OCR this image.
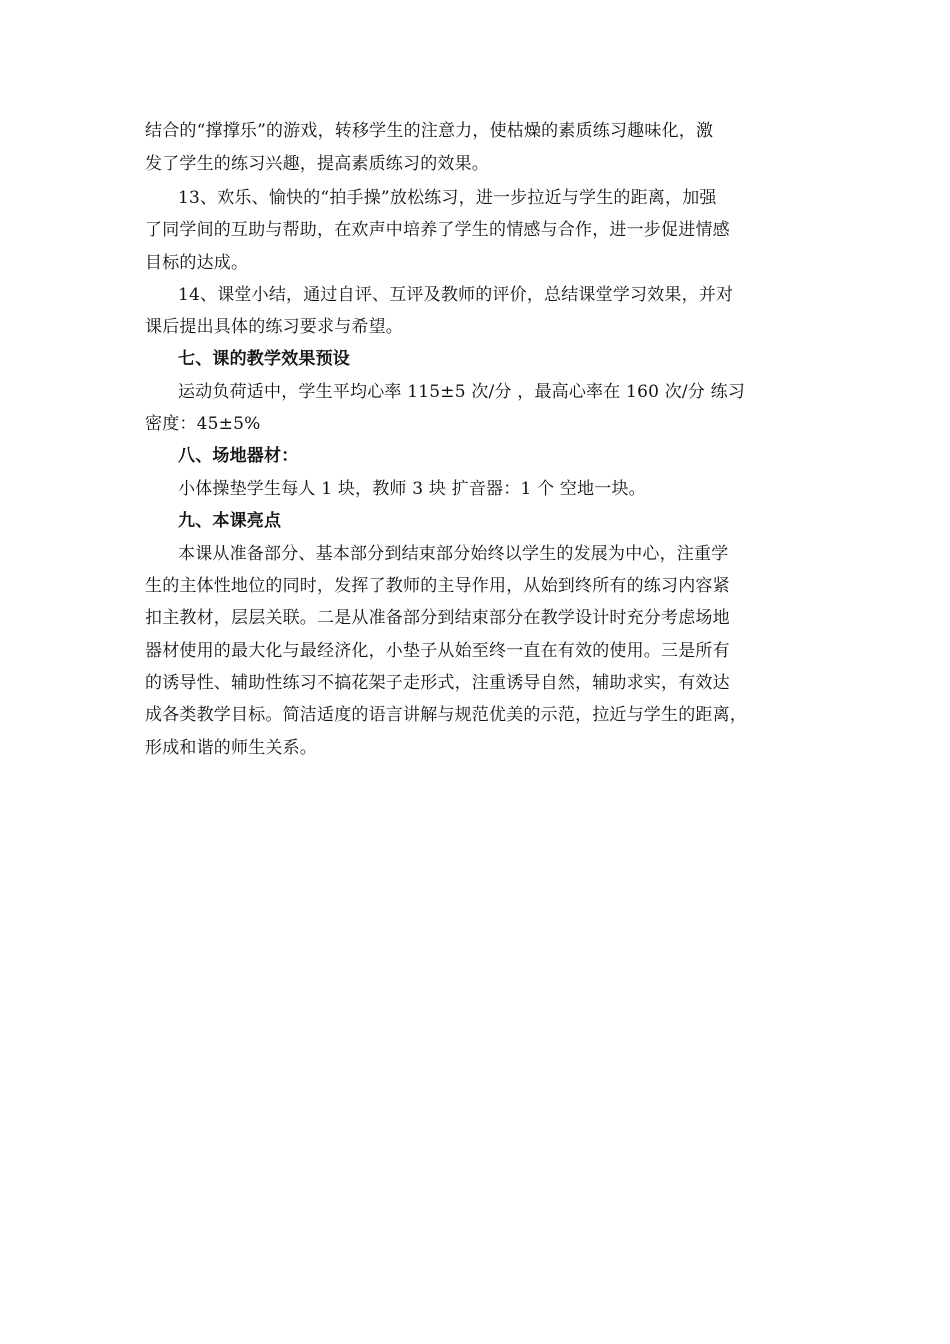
结合的“撑撑乐”的游戏，转移学生的注意力，使枯燥的素质练习趣味化，激
发了学生的练习兴趣，提高素质练习的效果。
13、欢乐、愉快的“拍手操”放松练习，进一步拉近与学生的距离，加强
了同学间的互助与帮助，在欢声中培养了学生的情感与合作，进一步促进情感
目标的达成。
14、课堂小结，通过自评、互评及教师的评价，总结课堂学习效果，并对
课后提出具体的练习要求与希望。
七、课的教学效果预设
运动负荷适中，学生平均心率 115±5 次/分 ，最高心率在 160 次/分 练习
密度：45±5%
八、场地器材：
小体操垫学生每人 1 块，教师 3 块 扩音器：1 个 空地一块。
九、本课亮点
本课从准备部分、基本部分到结束部分始终以学生的发展为中心，注重学
生的主体性地位的同时，发挥了教师的主导作用，从始到终所有的练习内容紧
扣主教材，层层关联。二是从准备部分到结束部分在教学设计时充分考虑场地
器材使用的最大化与最经济化，小垫子从始至终一直在有效的使用。三是所有
的诱导性、辅助性练习不搞花架子走形式，注重诱导自然，辅助求实，有效达
成各类教学目标。简洁适度的语言讲解与规范优美的示范，拉近与学生的距离，
形成和谐的师生关系。
